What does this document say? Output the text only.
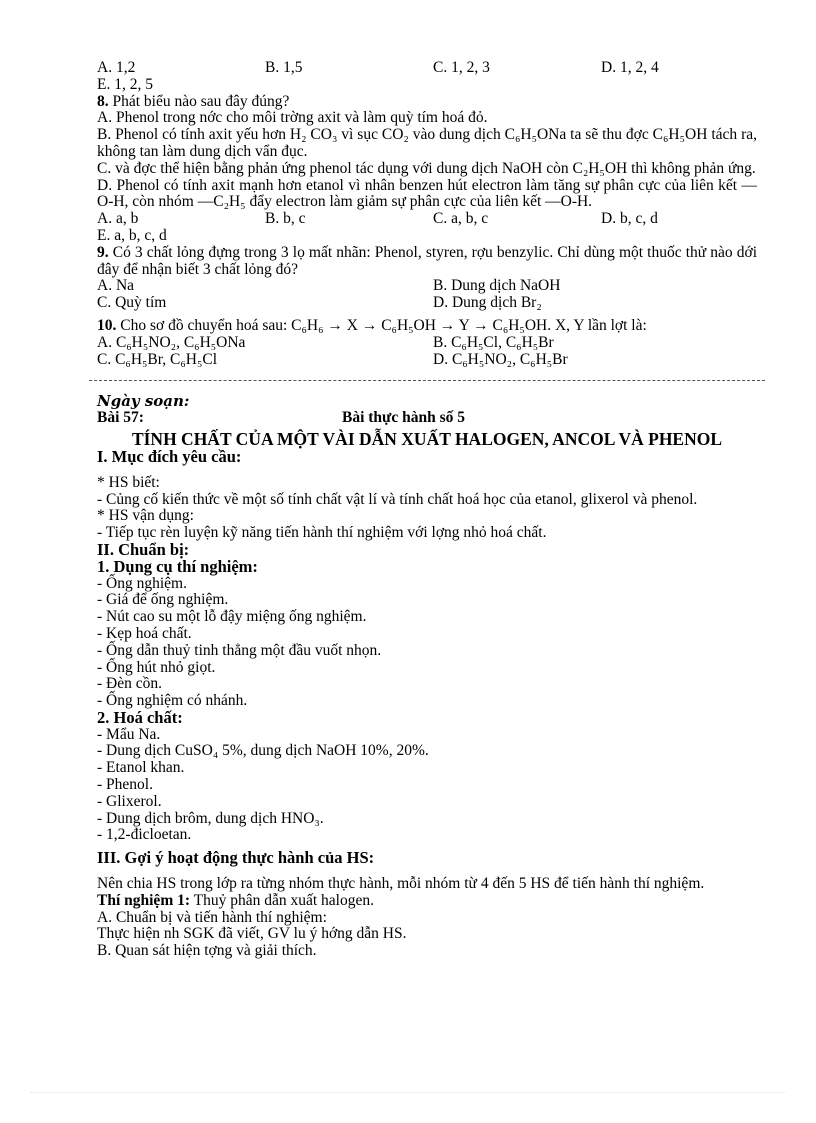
A. 1,2	B. 1,5	C. 1, 2, 3	D. 1, 2, 4
E. 1, 2, 5
8. Phát biểu nào sau đây đúng?
A. Phenol trong nớc cho môi trờng axit và làm quỳ tím hoá đỏ.
B. Phenol có tính axit yếu hơn H₂ CO₃ vì sục CO₂ vào dung dịch C₆H₅ONa ta sẽ thu đợc C₆H₅OH tách ra, không tan làm dung dịch vẩn đục.
C. và đợc thể hiện bằng phản ứng phenol tác dụng với dung dịch NaOH còn C₂H₅OH thì không phản ứng.
D. Phenol có tính axit mạnh hơn etanol vì nhân benzen hút electron làm tăng sự phân cực của liên kết —O-H, còn nhóm —C₂H₅ đẩy electron làm giảm sự phân cực của liên kết —O-H.
A. a, b	B. b, c	C. a, b, c	D. b, c, d
E. a, b, c, d
9. Có 3 chất lỏng đựng trong 3 lọ mất nhãn: Phenol, styren, rợu benzylic. Chỉ dùng một thuốc thử nào dới đây để nhận biết 3 chất lỏng đó?
A. Na	B. Dung dịch NaOH
C. Quỳ tím	D. Dung dịch Br₂
10. Cho sơ đồ chuyển hoá sau: C₆H₆ → X → C₆H₅OH → Y → C₆H₅OH. X, Y lần lợt là:
A. C₆H₅NO₂, C₆H₅ONa	B. C₆H₅Cl, C₆H₅Br
C. C₆H₅Br, C₆H₅Cl	D. C₆H₅NO₂, C₆H₅Br
Ngày soạn:
Bài 57:	Bài thực hành số 5
TÍNH CHẤT CỦA MỘT VÀI DẪN XUẤT HALOGEN, ANCOL VÀ PHENOL
I. Mục đích yêu cầu:
* HS biết:
- Củng cố kiến thức về một số tính chất vật lí và tính chất hoá học của etanol, glixerol và phenol.
* HS vận dụng:
- Tiếp tục rèn luyện kỹ năng tiến hành thí nghiệm với lợng nhỏ hoá chất.
II. Chuẩn bị:
1. Dụng cụ thí nghiệm:
- Ống nghiệm.
- Giá để ống nghiệm.
- Nút cao su một lỗ đậy miệng ống nghiệm.
- Kẹp hoá chất.
- Ống dẫn thuỷ tinh thẳng một đầu vuốt nhọn.
- Ống hút nhỏ giọt.
- Đèn cồn.
- Ống nghiệm có nhánh.
2. Hoá chất:
- Mẩu Na.
- Dung dịch CuSO₄ 5%, dung dịch NaOH 10%, 20%.
- Etanol khan.
- Phenol.
- Glixerol.
- Dung dịch brôm, dung dịch HNO₃.
- 1,2-đicloetan.
III. Gợi ý hoạt động thực hành của HS:
Nên chia HS trong lớp ra từng nhóm thực hành, mỗi nhóm từ 4 đến 5 HS để tiến hành thí nghiệm.
Thí nghiệm 1: Thuỷ phân dẫn xuất halogen.
A. Chuẩn bị và tiến hành thí nghiệm:
Thực hiện nh SGK đã viết, GV lu ý hớng dẫn HS.
B. Quan sát hiện tợng và giải thích.
